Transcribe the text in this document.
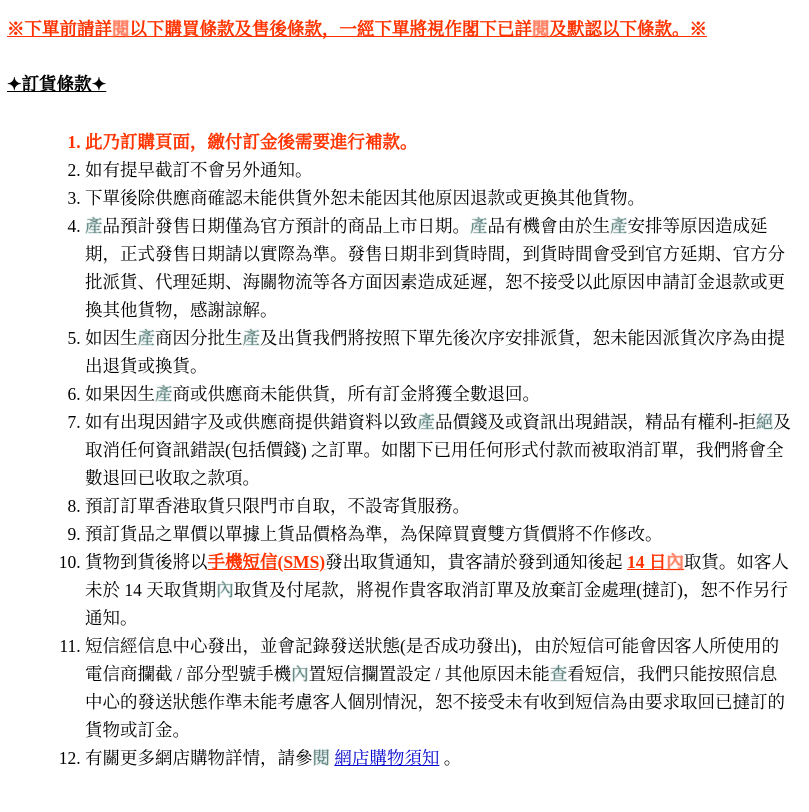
※下單前請詳閱以下購買條款及售後條款，一經下單將視作閣下已詳閱及默認以下條款。※

✦訂貨條款✦
1. 此乃訂購頁面，繳付訂金後需要進行補款。
2. 如有提早截訂不會另外通知。
3. 下單後除供應商確認未能供貨外恕未能因其他原因退款或更換其他貨物。
4. 產品預計發售日期僅為官方預計的商品上市日期。產品有機會由於生產安排等原因造成延期，正式發售日期請以實際為準。發售日期非到貨時間，到貨時間會受到官方延期、官方分批派貨、代理延期、海關物流等各方面因素造成延遲，恕不接受以此原因申請訂金退款或更換其他貨物，感謝諒解。
5. 如因生產商因分批生產及出貨我們將按照下單先後次序安排派貨，恕未能因派貨次序為由提出退貨或換貨。
6. 如果因生產商或供應商未能供貨，所有訂金將獲全數退回。
7. 如有出現因錯字及或供應商提供錯資料以致產品價錢及或資訊出現錯誤，精品有權利-拒絕及取消任何資訊錯誤(包括價錢) 之訂單。如閣下已用任何形式付款而被取消訂單，我們將會全數退回已收取之款項。
8. 預訂訂單香港取貨只限門市自取，不設寄貨服務。
9. 預訂貨品之單價以單據上貨品價格為準，為保障買賣雙方貨價將不作修改。
10. 貨物到貨後將以手機短信(SMS)發出取貨通知，貴客請於發到通知後起 14 日內取貨。如客人未於 14 天取貨期內取貨及付尾款，將視作貴客取消訂單及放棄訂金處理(撻訂)，恕不作另行通知。
11. 短信經信息中心發出，並會記錄發送狀態(是否成功發出)，由於短信可能會因客人所使用的電信商攔截 / 部分型號手機內置短信攔置設定 / 其他原因未能查看短信，我們只能按照信息中心的發送狀態作準未能考慮客人個別情況，恕不接受未有收到短信為由要求取回已撻訂的貨物或訂金。
12. 有關更多網店購物詳情，請參閱 網店購物須知 。
